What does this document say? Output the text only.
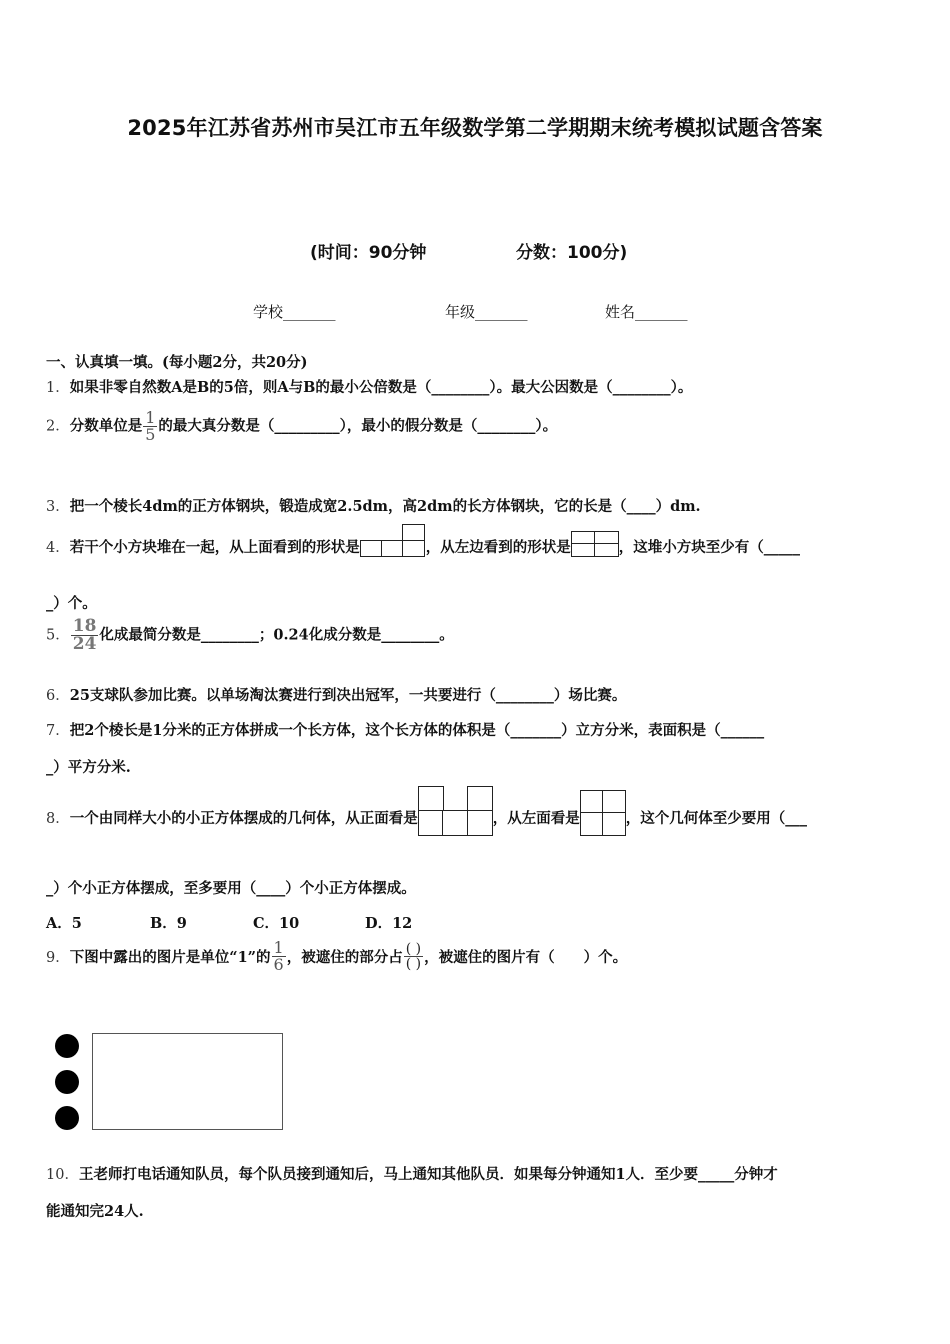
2025年江苏省苏州市吴江市五年级数学第二学期期末统考模拟试题含答案
(时间：90分钟	分数：100分)
学校_______	年级_______	姓名_______
一、认真填一填。(每小题2分，共20分)
1．如果非零自然数A是B的5倍，则A与B的最小公倍数是（________）。最大公因数是（________）。
2．分数单位是 $\frac{1}{5}$ 的最大真分数是（_________），最小的假分数是（________）。
3．把一个棱长4dm的正方体钢块，锻造成宽2.5dm，高2dm的长方体钢块，它的长是（____）dm.
4．若干个小方块堆在一起，从上面看到的形状是	，从左边看到的形状是	，这堆小方块至少有（_____
_）个。
5． $\frac{18}{24}$ 化成最简分数是________；0.24化成分数是________。
6．25支球队参加比赛。以单场淘汰赛进行到决出冠军，一共要进行（________）场比赛。
7．把2个棱长是1分米的正方体拼成一个长方体，这个长方体的体积是（_______）立方分米，表面积是（______
_）平方分米.
8．一个由同样大小的小正方体摆成的几何体，从正面看是	，从左面看是	，这个几何体至少要用（___
_）个小正方体摆成，至多要用（____）个小正方体摆成。
A．5	B．9	C．10	D．12
9．下图中露出的图片是单位“1”的 $\frac{1}{6}$ ，被遮住的部分占 $\frac{( )}{( )}$ ，被遮住的图片有（　　）个。
10．王老师打电话通知队员，每个队员接到通知后，马上通知其他队员．如果每分钟通知1人．至少要_____分钟才
能通知完24人.
